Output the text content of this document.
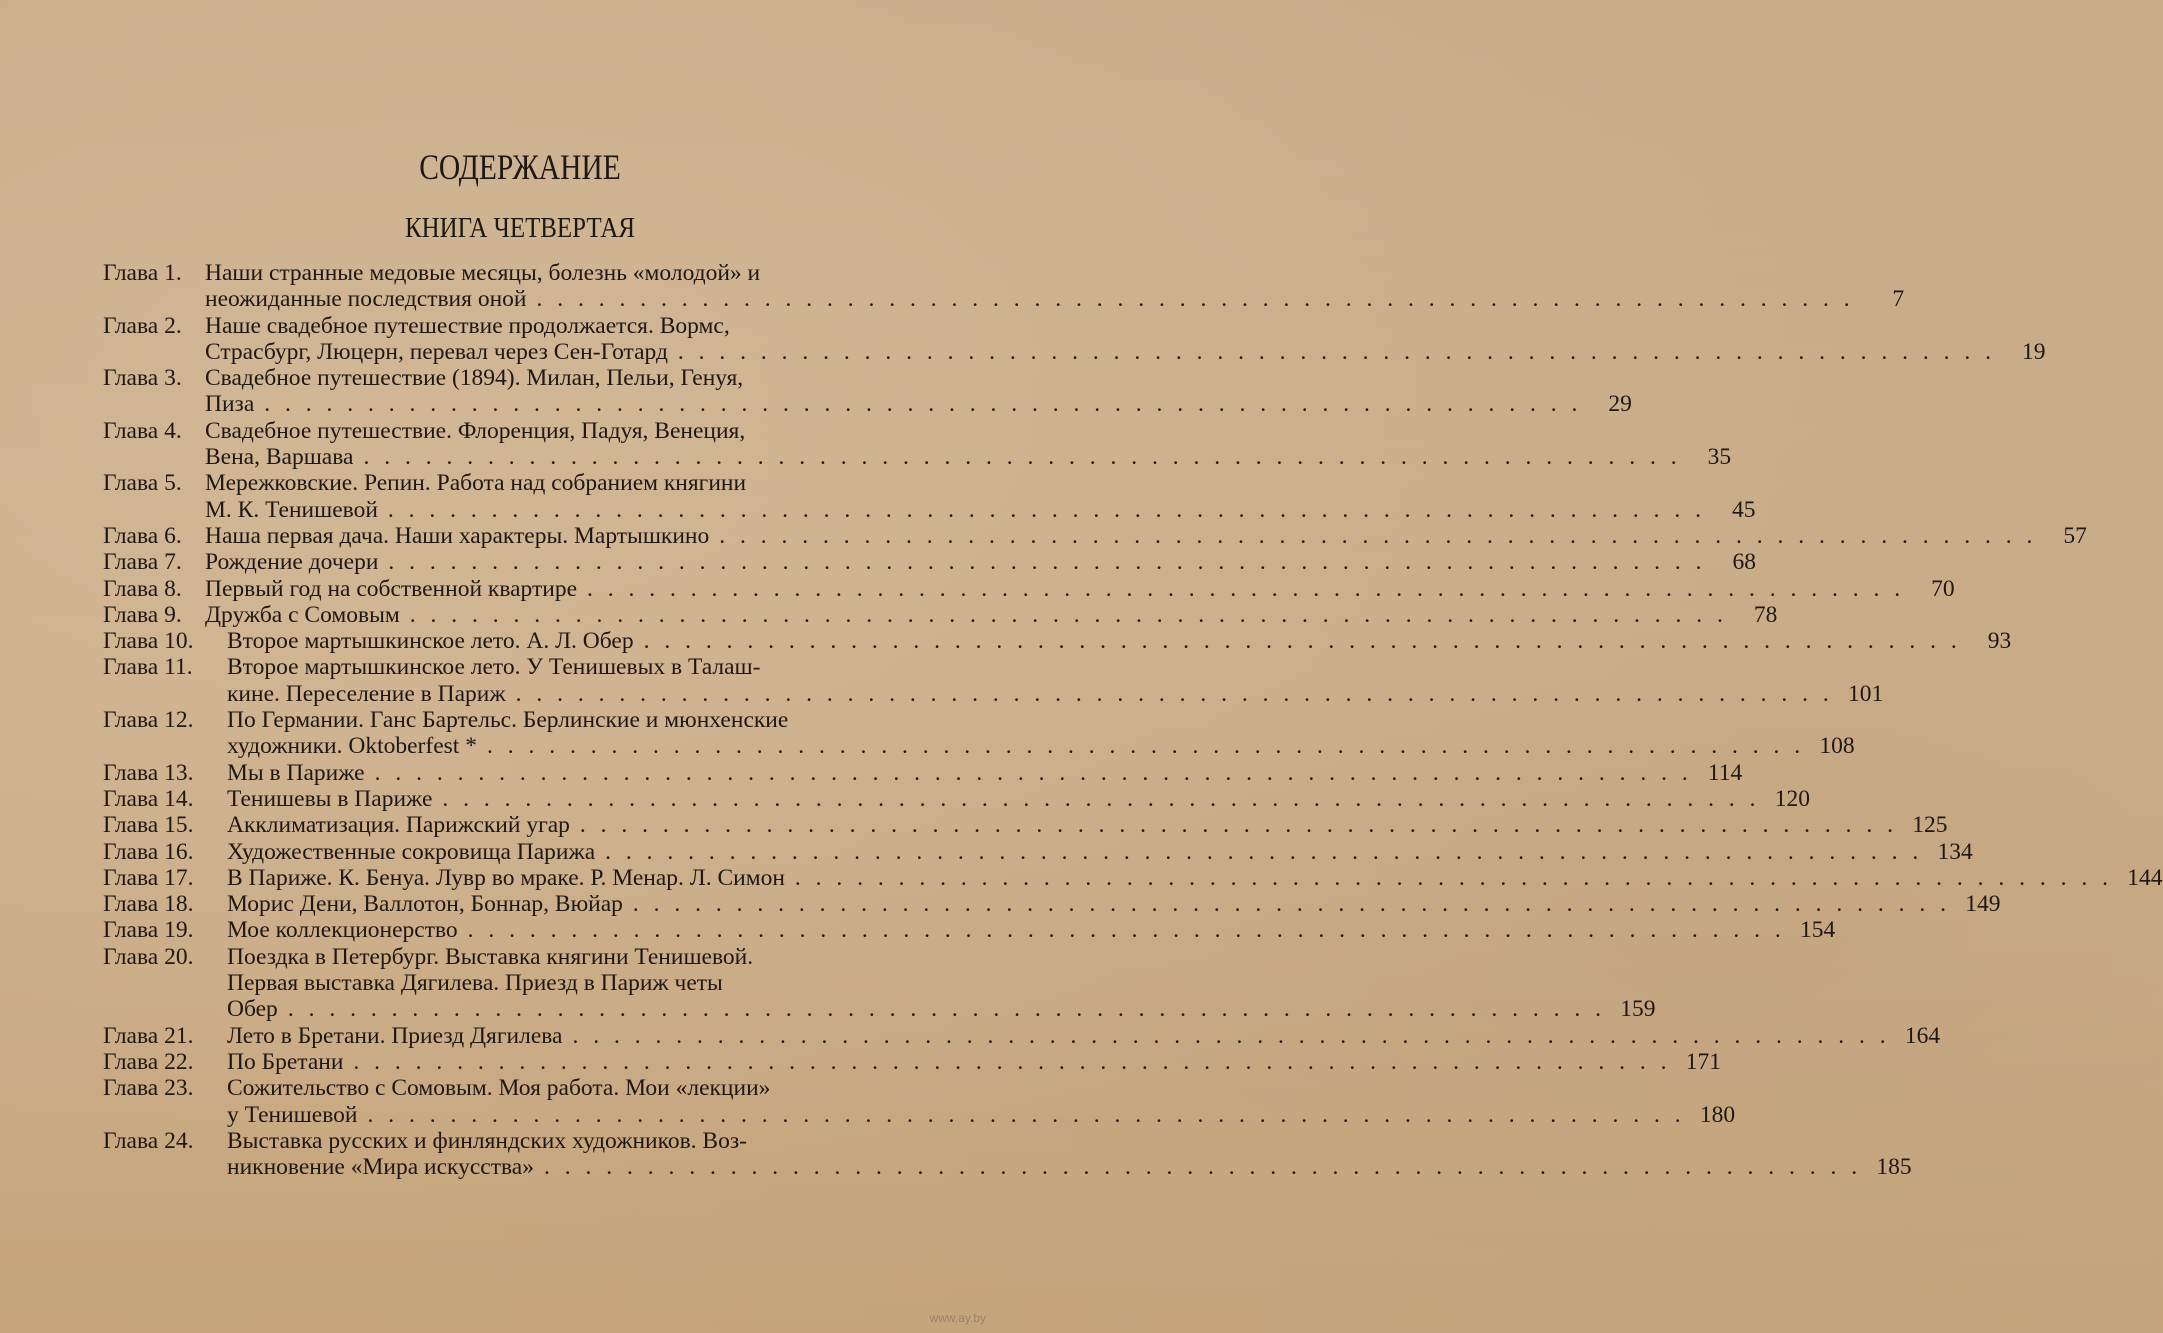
СОДЕРЖАНИЕ
КНИГА ЧЕТВЕРТАЯ
Глава 1. Наши странные медовые месяцы, болезнь «молодой» и
неожиданные последствия оной . . .	7
Глава 2. Наше свадебное путешествие продолжается. Вормс,
Страсбург, Люцерн, перевал через Сен-Готард . . .	19
Глава 3. Свадебное путешествие (1894). Милан, Пельи, Генуя,
Пиза . . .	29
Глава 4. Свадебное путешествие. Флоренция, Падуя, Венеция,
Вена, Варшава . . .	35
Глава 5. Мережковские. Репин. Работа над собранием княгини
М. К. Тенишевой . . .	45
Глава 6. Наша первая дача. Наши характеры. Мартышкино . . .	57
Глава 7. Рождение дочери . . .	68
Глава 8. Первый год на собственной квартире . . .	70
Глава 9. Дружба с Сомовым . . .	78
Глава 10.	Второе мартышкинское лето. А. Л. Обер . . .	93
Глава 11.	Второе мартышкинское лето. У Тенишевых в Талаш-
кине. Переселение в Париж . . .	101
Глава 12.	По Германии. Ганс Бартельс. Берлинские и мюнхенские
художники. Oktoberfest * . . .	108
Глава 13.	Мы в Париже . . .	114
Глава 14.	Тенишевы в Париже . . .	120
Глава 15.	Акклиматизация. Парижский угар . . .	125
Глава 16.	Художественные сокровища Парижа . . .	134
Глава 17.	В Париже. К. Бенуа. Лувр во мраке. Р. Менар. Л. Симон . . .	144
Глава 18.	Морис Дени, Валлотон, Боннар, Вюйар . . .	149
Глава 19.	Мое коллекционерство . . .	154
Глава 20.	Поездка в Петербург. Выставка княгини Тенишевой.
Первая выставка Дягилева. Приезд в Париж четы
Обер . . .	159
Глава 21.	Лето в Бретани. Приезд Дягилева . . .	164
Глава 22.	По Бретани . . .	171
Глава 23.	Сожительство с Сомовым. Моя работа. Мои «лекции»
у Тенишевой . . .	180
Глава 24.	Выставка русских и финляндских художников. Воз-
никновение «Мира искусства» . . .	185
www.ay.by
